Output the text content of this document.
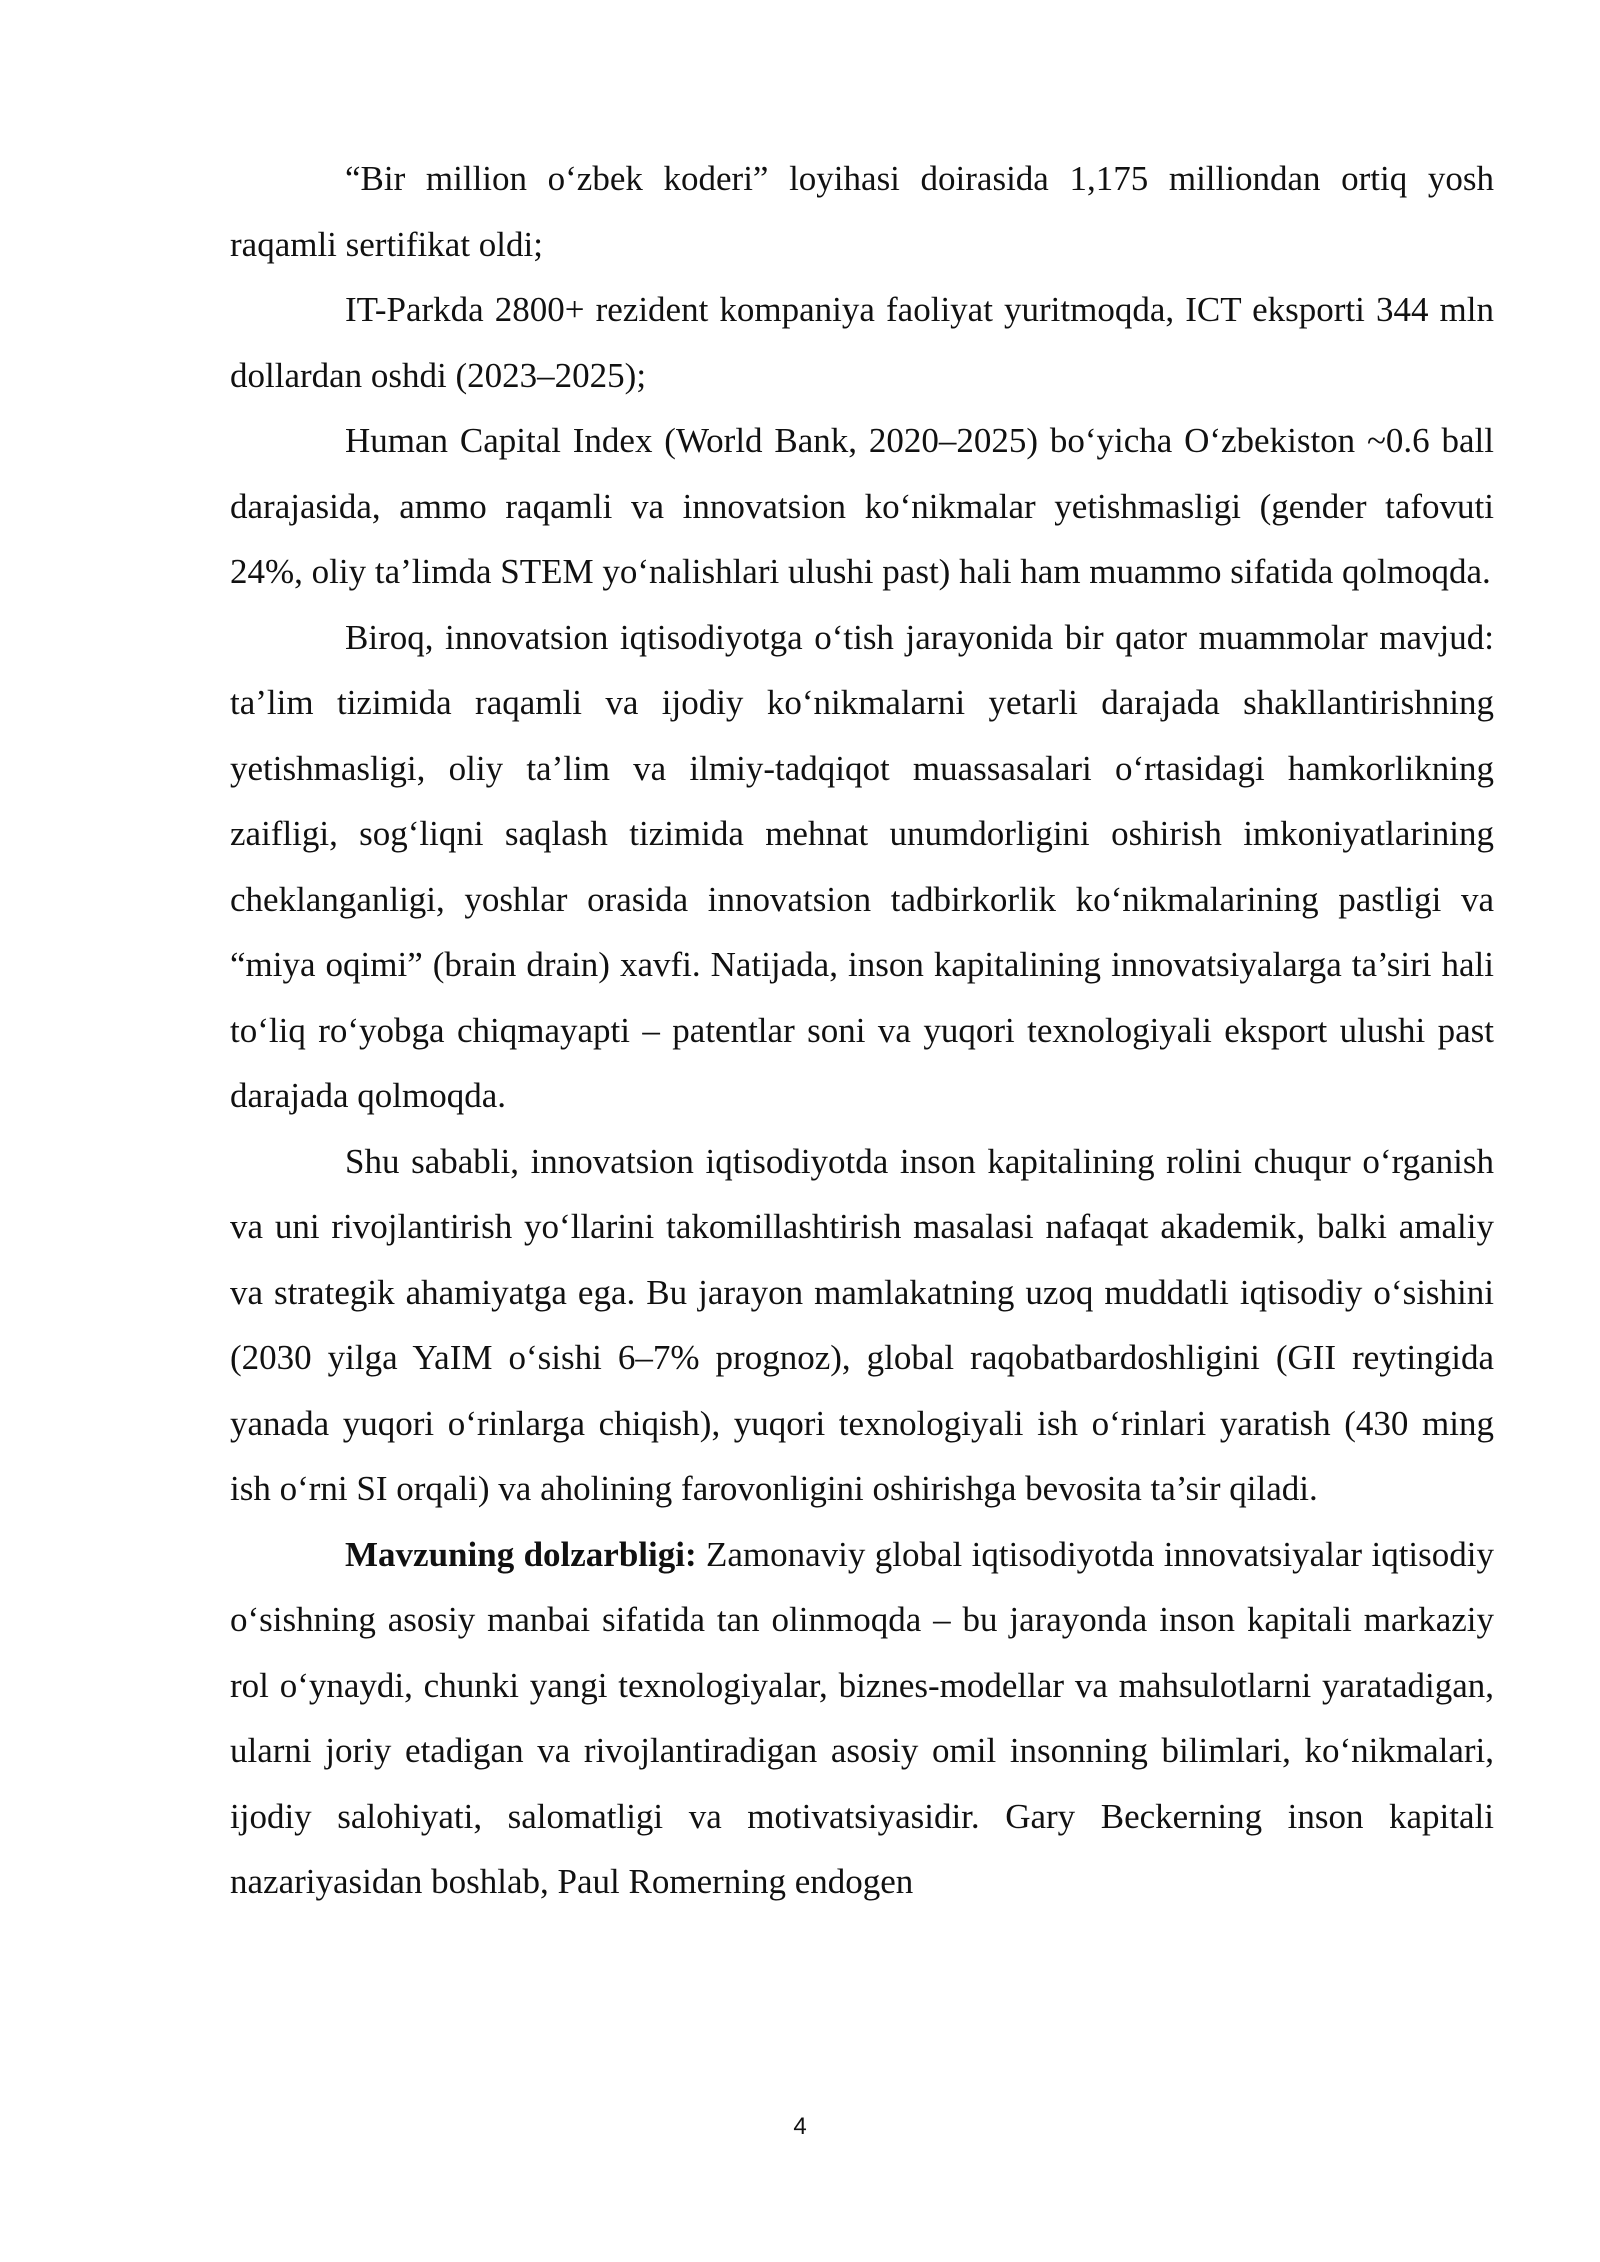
“Bir million o‘zbek koderi” loyihasi doirasida 1,175 milliondan ortiq yosh raqamli sertifikat oldi;

IT-Parkda 2800+ rezident kompaniya faoliyat yuritmoqda, ICT eksporti 344 mln dollardan oshdi (2023–2025);

Human Capital Index (World Bank, 2020–2025) bo‘yicha O‘zbekiston ~0.6 ball darajasida, ammo raqamli va innovatsion ko‘nikmalar yetishmasligi (gender tafovuti 24%, oliy ta’limda STEM yo‘nalishlari ulushi past) hali ham muammo sifatida qolmoqda.

Biroq, innovatsion iqtisodiyotga o‘tish jarayonida bir qator muammolar mavjud: ta’lim tizimida raqamli va ijodiy ko‘nikmalarni yetarli darajada shakllantirishning yetishmasligi, oliy ta’lim va ilmiy-tadqiqot muassasalari o‘rtasidagi hamkorlikning zaifligi, sog‘liqni saqlash tizimida mehnat unumdorligini oshirish imkoniyatlarining cheklanganligi, yoshlar orasida innovatsion tadbirkorlik ko‘nikmalarining pastligi va “miya oqimi” (brain drain) xavfi. Natijada, inson kapitalining innovatsiyalarga ta’siri hali to‘liq ro‘yobga chiqmayapti – patentlar soni va yuqori texnologiyali eksport ulushi past darajada qolmoqda.

Shu sababli, innovatsion iqtisodiyotda inson kapitalining rolini chuqur o‘rganish va uni rivojlantirish yo‘llarini takomillashtirish masalasi nafaqat akademik, balki amaliy va strategik ahamiyatga ega. Bu jarayon mamlakatning uzoq muddatli iqtisodiy o‘sishini (2030 yilga YaIM o‘sishi 6–7% prognoz), global raqobatbardoshligini (GII reytingida yanada yuqori o‘rinlarga chiqish), yuqori texnologiyali ish o‘rinlari yaratish (430 ming ish o‘rni SI orqali) va aholining farovonligini oshirishga bevosita ta’sir qiladi.

Mavzuning dolzarbligi: Zamonaviy global iqtisodiyotda innovatsiyalar iqtisodiy o‘sishning asosiy manbai sifatida tan olinmoqda – bu jarayonda inson kapitali markaziy rol o‘ynaydi, chunki yangi texnologiyalar, biznes-modellar va mahsulotlarni yaratadigan, ularni joriy etadigan va rivojlantiradigan asosiy omil insonning bilimlari, ko‘nikmalari, ijodiy salohiyati, salomatligi va motivatsiyasidir. Gary Beckerning inson kapitali nazariyasidan boshlab, Paul Romerning endogen

4
